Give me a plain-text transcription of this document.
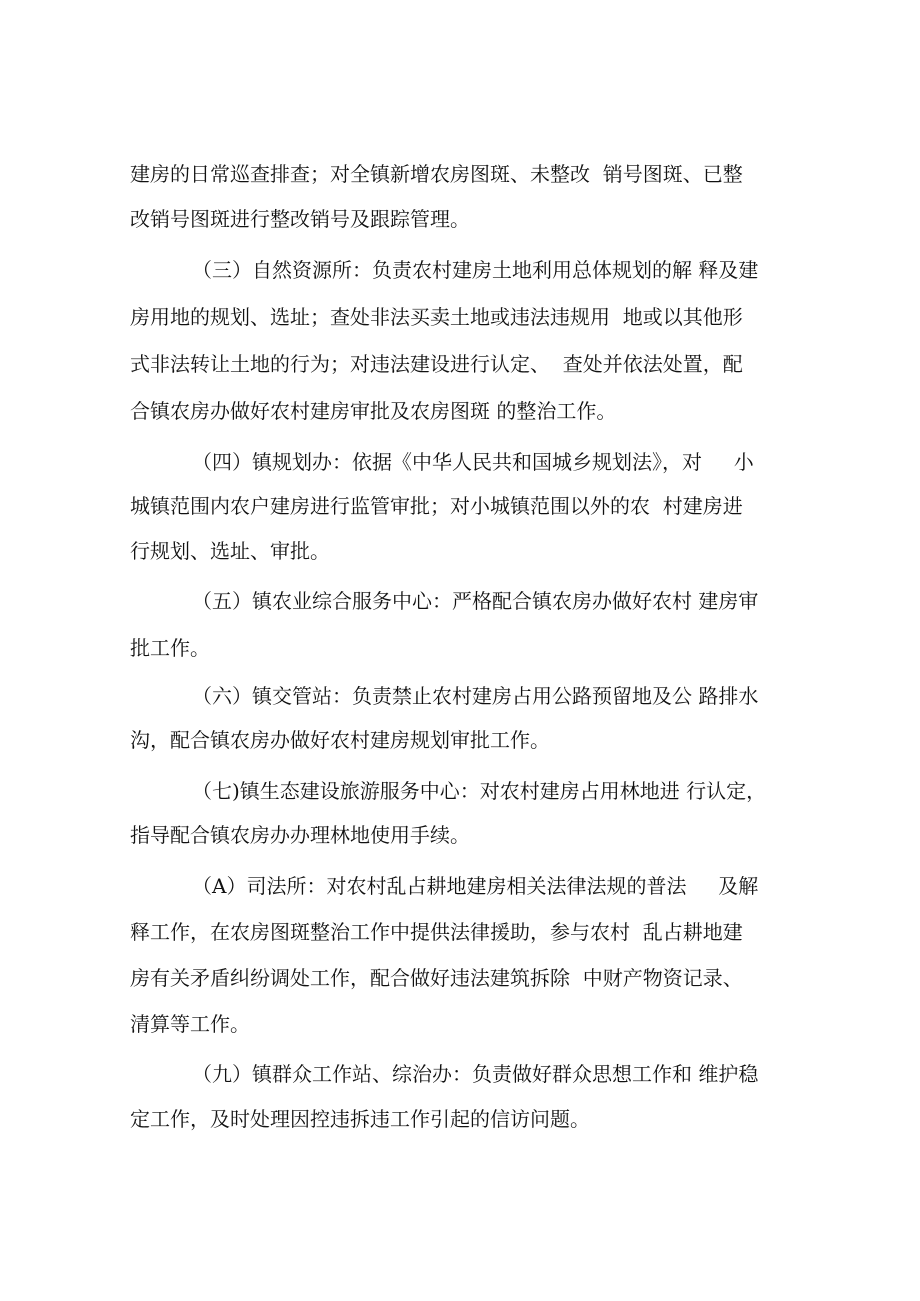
建房的日常巡查排查；对全镇新增农房图斑、未整改  销号图斑、已整
改销号图斑进行整改销号及跟踪管理。
（三）自然资源所：负责农村建房土地利用总体规划的解 释及建
房用地的规划、选址；查处非法买卖土地或违法违规用  地或以其他形
式非法转让土地的行为；对违法建设进行认定、  查处并依法处置，配
合镇农房办做好农村建房审批及农房图斑 的整治工作。
（四）镇规划办：依据《中华人民共和国城乡规划法》，对     小
城镇范围内农户建房进行监管审批；对小城镇范围以外的农  村建房进
行规划、选址、审批。
（五）镇农业综合服务中心：严格配合镇农房办做好农村 建房审
批工作。
（六）镇交管站：负责禁止农村建房占用公路预留地及公 路排水
沟，配合镇农房办做好农村建房规划审批工作。
（七)镇生态建设旅游服务中心：对农村建房占用林地进 行认定，
指导配合镇农房办办理林地使用手续。
（A）司法所：对农村乱占耕地建房相关法律法规的普法     及解
释工作，在农房图斑整治工作中提供法律援助，参与农村  乱占耕地建
房有关矛盾纠纷调处工作，配合做好违法建筑拆除  中财产物资记录、
清算等工作。
（九）镇群众工作站、综治办：负责做好群众思想工作和 维护稳
定工作，及时处理因控违拆违工作引起的信访问题。
